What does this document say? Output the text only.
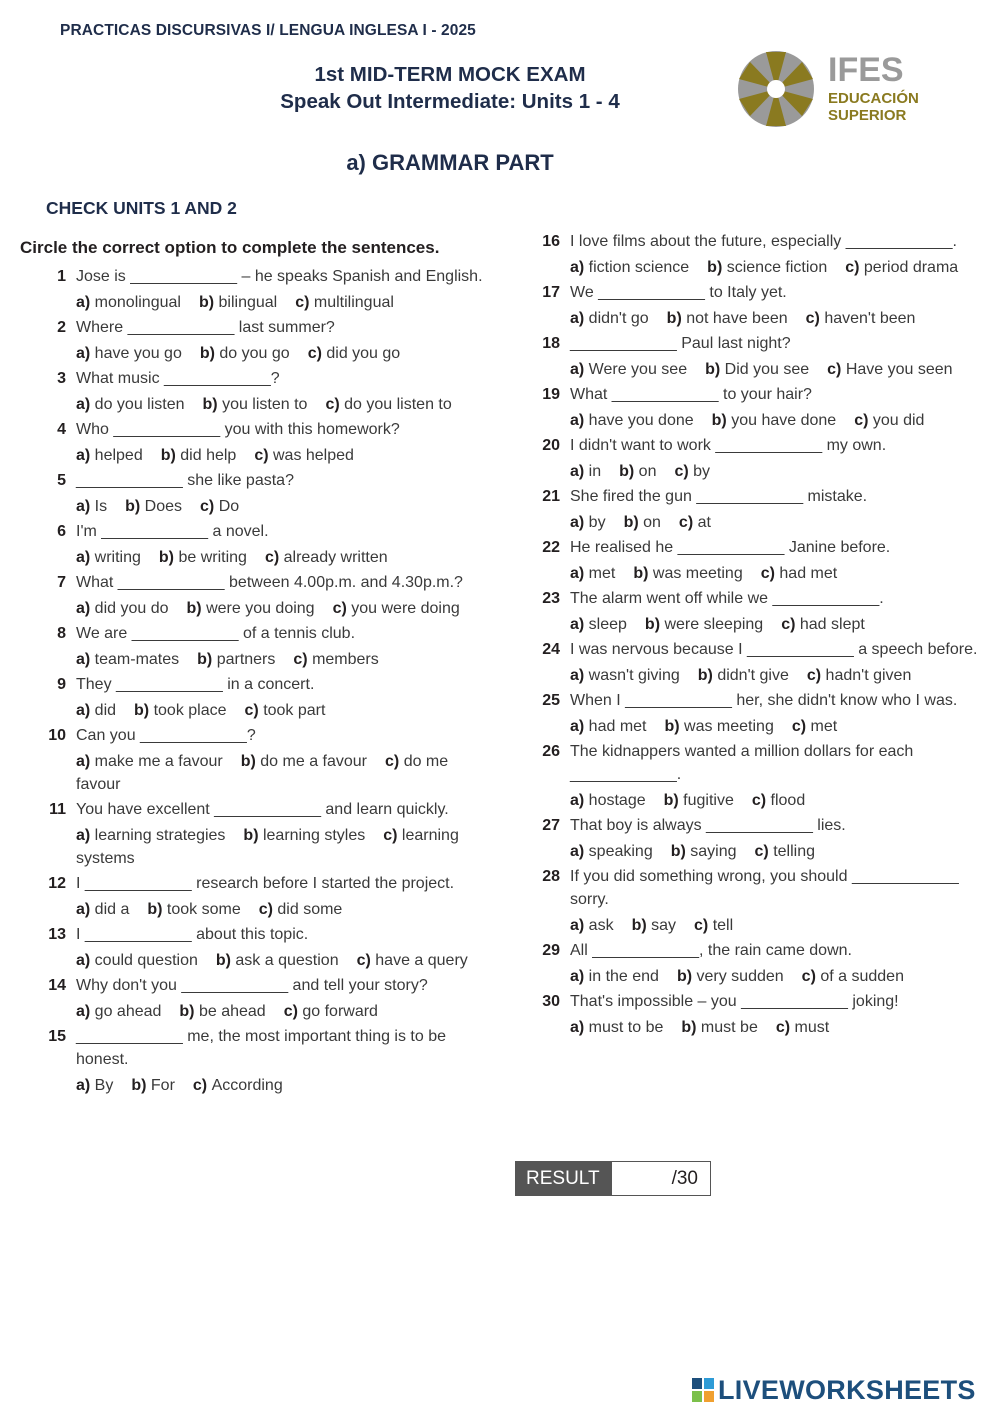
PRACTICAS DISCURSIVAS I/ LENGUA INGLESA I - 2025
1st MID-TERM MOCK EXAM
Speak Out Intermediate: Units 1 - 4
IFES
EDUCACIÓN
SUPERIOR
a) GRAMMAR PART
CHECK UNITS 1 AND 2
Circle the correct option to complete the sentences.
1 Jose is ____________ – he speaks Spanish and English.
a) monolingual b) bilingual c) multilingual
2 Where ____________ last summer?
a) have you go b) do you go c) did you go
3 What music ____________?
a) do you listen b) you listen to c) do you listen to
4 Who ____________ you with this homework?
a) helped b) did help c) was helped
5 ____________ she like pasta?
a) Is b) Does c) Do
6 I'm ____________ a novel.
a) writing b) be writing c) already written
7 What ____________ between 4.00p.m. and 4.30p.m.?
a) did you do b) were you doing c) you were doing
8 We are ____________ of a tennis club.
a) team-mates b) partners c) members
9 They ____________ in a concert.
a) did b) took place c) took part
10 Can you ____________?
a) make me a favour b) do me a favour c) do me favour
11 You have excellent ____________ and learn quickly.
a) learning strategies b) learning styles c) learning systems
12 I ____________ research before I started the project.
a) did a b) took some c) did some
13 I ____________ about this topic.
a) could question b) ask a question c) have a query
14 Why don't you ____________ and tell your story?
a) go ahead b) be ahead c) go forward
15 ____________ me, the most important thing is to be honest.
a) By b) For c) According
16 I love films about the future, especially ____________.
a) fiction science b) science fiction c) period drama
17 We ____________ to Italy yet.
a) didn't go b) not have been c) haven't been
18 ____________ Paul last night?
a) Were you see b) Did you see c) Have you seen
19 What ____________ to your hair?
a) have you done b) you have done c) you did
20 I didn't want to work ____________ my own.
a) in b) on c) by
21 She fired the gun ____________ mistake.
a) by b) on c) at
22 He realised he ____________ Janine before.
a) met b) was meeting c) had met
23 The alarm went off while we ____________.
a) sleep b) were sleeping c) had slept
24 I was nervous because I ____________ a speech before.
a) wasn't giving b) didn't give c) hadn't given
25 When I ____________ her, she didn't know who I was.
a) had met b) was meeting c) met
26 The kidnappers wanted a million dollars for each ____________.
a) hostage b) fugitive c) flood
27 That boy is always ____________ lies.
a) speaking b) saying c) telling
28 If you did something wrong, you should ____________ sorry.
a) ask b) say c) tell
29 All ____________, the rain came down.
a) in the end b) very sudden c) of a sudden
30 That's impossible – you ____________ joking!
a) must to be b) must be c) must
RESULT	/30
LIVEWORKSHEETS
